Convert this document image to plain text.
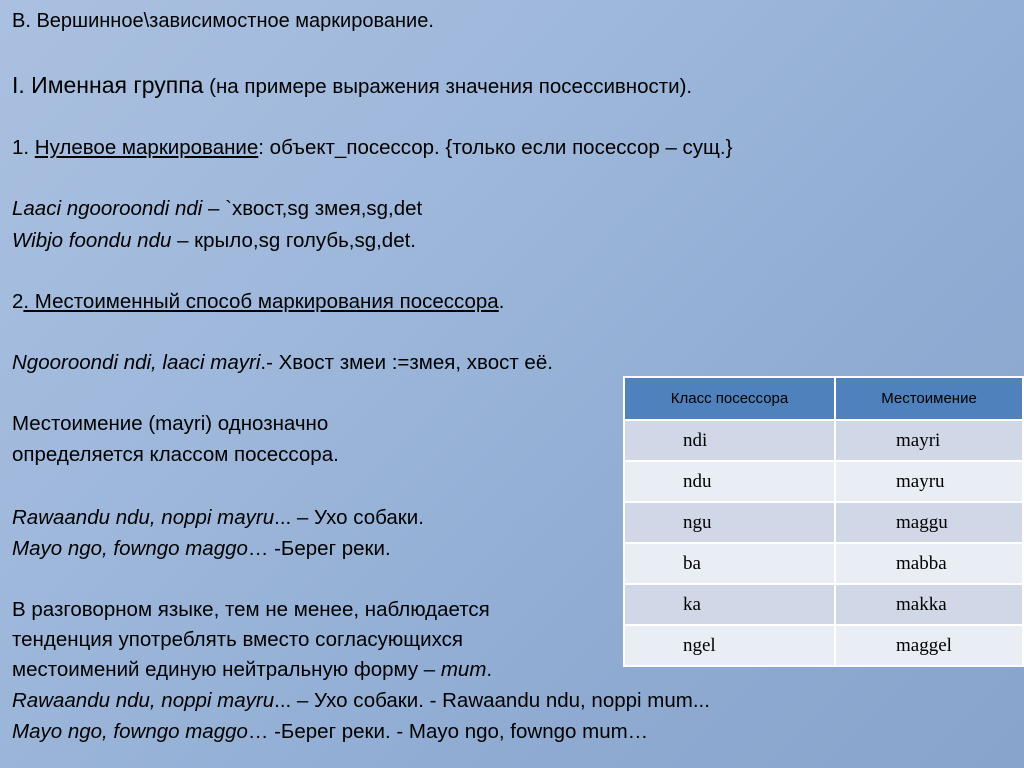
B. Вершинное\зависимостное маркирование.
I. Именная группа (на примере выражения значения посессивности).
1. Нулевое маркирование: объект_посессор. {только если посессор – сущ.}
Laaci ngooroondi ndi – `хвост,sg змея,sg,det
Wibjo foondu ndu – крыло,sg голубь,sg,det.
2. Местоименный способ маркирования посессора.
Ngooroondi ndi, laaci mayri.- Хвост змеи :=змея, хвост её.
Местоимение (mayri) однозначно
определяется классом посессора.
Rawaandu ndu, noppi mayru... – Ухо собаки.
Mayo ngo, fowngo maggo… -Берег реки.
В разговорном языке, тем не менее, наблюдается
тенденция употреблять вместо согласующихся
местоимений единую нейтральную форму – mum.
Rawaandu ndu, noppi mayru... – Ухо собаки. - Rawaandu ndu, noppi mum...
Mayo ngo, fowngo maggo… -Берег реки. - Mayo ngo, fowngo mum…
Класс посессора	Местоимение
ndi	mayri
ndu	mayru
ngu	maggu
ba	mabba
ka	makka
ngel	maggel
